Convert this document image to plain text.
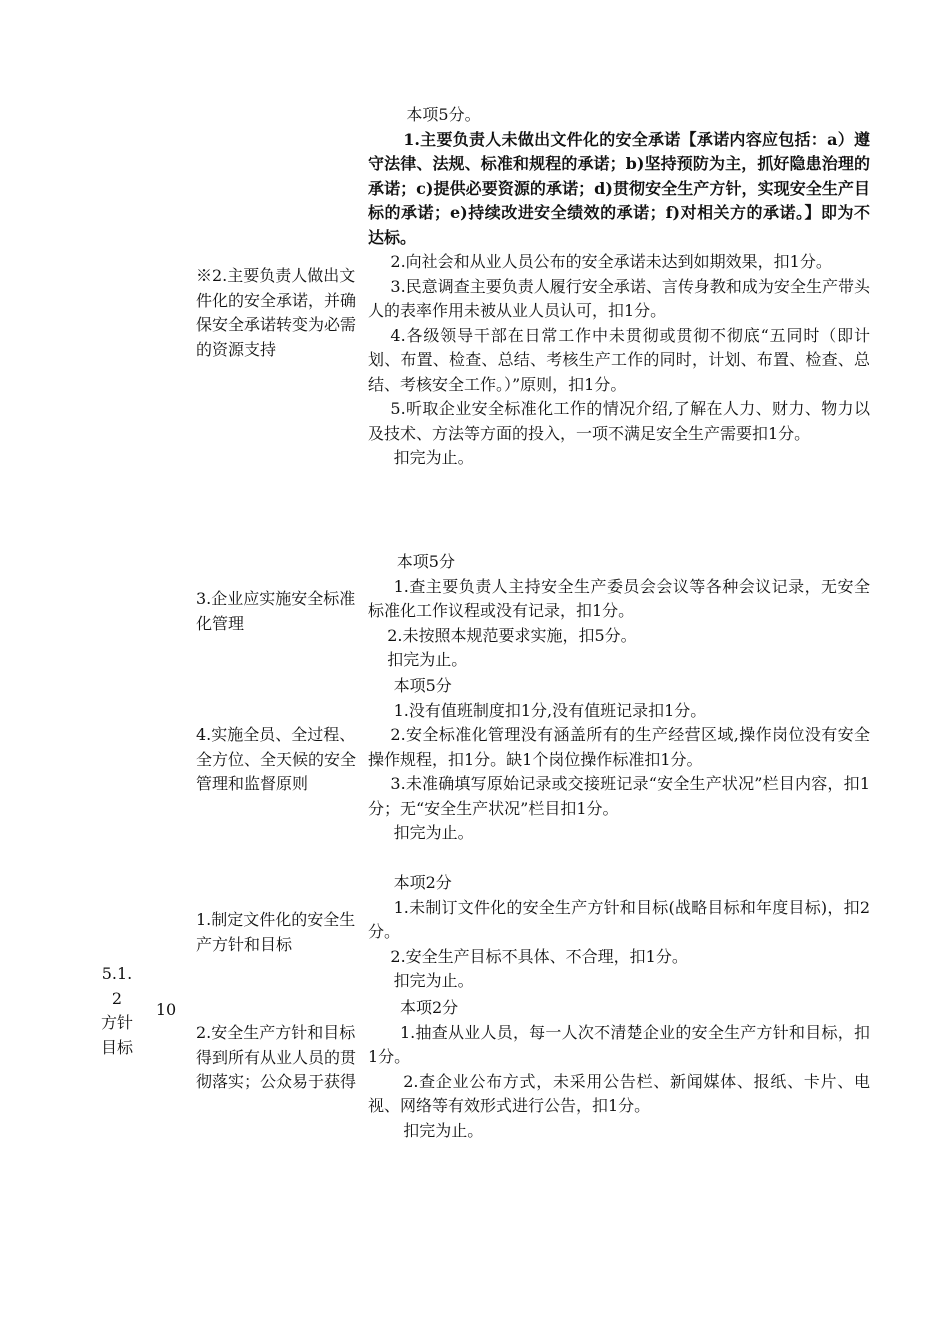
5.1.
2
方针
目标
10
※2.主要负责人做出文件化的安全承诺，并确保安全承诺转变为必需的资源支持

本项5分。

1.主要负责人未做出文件化的安全承诺【承诺内容应包括：a）遵守法律、法规、标准和规程的承诺；b)坚持预防为主，抓好隐患治理的承诺；c)提供必要资源的承诺；d)贯彻安全生产方针，实现安全生产目标的承诺；e)持续改进安全绩效的承诺；f)对相关方的承诺。】即为不达标。

2.向社会和从业人员公布的安全承诺未达到如期效果，扣1分。

3.民意调查主要负责人履行安全承诺、言传身教和成为安全生产带头人的表率作用未被从业人员认可，扣1分。

4.各级领导干部在日常工作中未贯彻或贯彻不彻底“五同时（即计划、布置、检查、总结、考核生产工作的同时，计划、布置、检查、总结、考核安全工作。）”原则，扣1分。

5.听取企业安全标准化工作的情况介绍,了解在人力、财力、物力以及技术、方法等方面的投入，一项不满足安全生产需要扣1分。

扣完为止。

3.企业应实施安全标准化管理

本项5分

1.查主要负责人主持安全生产委员会会议等各种会议记录，无安全标准化工作议程或没有记录，扣1分。

2.未按照本规范要求实施，扣5分。

扣完为止。

4.实施全员、全过程、全方位、全天候的安全管理和监督原则

本项5分

1.没有值班制度扣1分,没有值班记录扣1分。

2.安全标准化管理没有涵盖所有的生产经营区域,操作岗位没有安全操作规程，扣1分。缺1个岗位操作标准扣1分。

3.未准确填写原始记录或交接班记录“安全生产状况”栏目内容，扣1分；无“安全生产状况”栏目扣1分。

扣完为止。

1.制定文件化的安全生产方针和目标

本项2分

1.未制订文件化的安全生产方针和目标(战略目标和年度目标)，扣2分。

2.安全生产目标不具体、不合理，扣1分。

扣完为止。

2.安全生产方针和目标得到所有从业人员的贯彻落实；公众易于获得

本项2分

1.抽查从业人员，每一人次不清楚企业的安全生产方针和目标，扣1分。

2.查企业公布方式，未采用公告栏、新闻媒体、报纸、卡片、电视、网络等有效形式进行公告，扣1分。

扣完为止。
